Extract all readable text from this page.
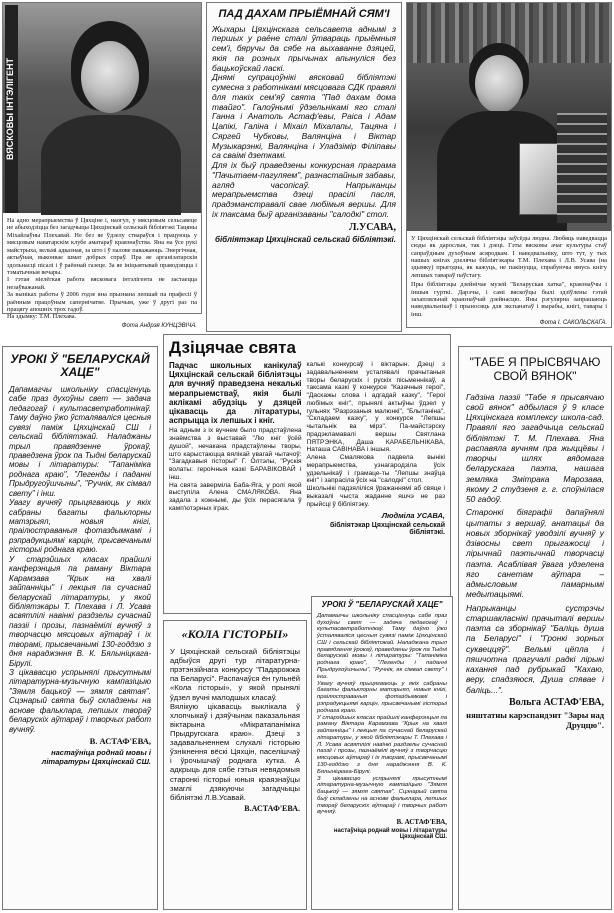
ВЯСКОВЫ ІНТЭЛІГЕНТ

На адно мерапрыемства ў Цяхціне і, наогул, у мясцовым сельсавеце не абыходзіцца без загадчыцы Цяхцінскай сельскай бібліятэкі Тацяны Міхайлаўны Плехавай. Не без яе ўдзелу ствараўся і працуюць у мясцовым наватарскім клубе аматараў краязнаўства. Яна на ўсе рукі майстрыха, вельмі адказная, за што і ў палове паважаюць. Энергічная, актыўная, выконвае шмат добрых спраў. Пра яе арганізатарскія здольнасці пісалі і ў раённай газеце. За яе ініцыятывай праводзяцца і тэматычныя вечары.

І гэтая ніелёгкая работа вясковага інтэлігента не застаецца незаўважанай.

За выніках работы ў 2006 годзе яна прызнана лепшай па прафесіі ў раённым працоўным сапернічатве. Прычым, уже ў другі раз па працягу апошніх трох гадоў.

На здымку: Т.М. Плехава.

Фота Андрэя КУНЦЭВІЧА.

ПАД ДАХАМ ПРЫЁМНАЙ СЯМ'І

Жыхары Цяхцінскага сельсавета аднымі з першых у раёне сталі ўтвараць прыёмныя сем'і, бяручы да сябе на выхаванне дзяцей, якія па розных прычынах апынуліся без бацькоўскай ласкі.

Днямі супрацоўнікі вясковай бібліятэкі сумесна з работнікамі мясцовага СДК правялі для такіх сем'яў свята "Пад дахам дома твайго". Галоўнымі ўдзельнікамі яго сталі Ганна і Анатоль Астаф'евы, Раіса і Адам Цапікі, Галіна і Міхаіл Міхалапы, Тацяна і Сяргей Чубковы, Валянціна і Віктар Музыкарэнкі, Валянціна і Уладзімір Філіпавы са сваімі дзеткамі.

Для іх быў праведзены конкурсная праграма "Пачытаем-пагуляем", разнастайныя забавы, агляд часопісаў. Напрыканцы мерапрыемства дзеці прасілі пасля, прадэманстравалі свае любімыя вершы. Для іх таксама быў арганізаваны "салодкі" стол.

Л.УСАВА,

бібліятэкар Цяхцінскай сельскай бібліятэкі. У Цяхцінскай сельскай бібліятэцы заўсёды людна. Любяць наведвацца сюды як дарослыя, так і дзеці. Гэты вясковы ачаг культуры стаў сапраўдным духоўным асяродкам. І наведвальніку, што тут, у тых нашых кнігах дзелячы бібліятэкары Т.М. Плехава і Л.В. Усава (на здымку) прыгодна, як кажуць, не пакінуцца, спрабуючы ямусь кнігу лепшых тавараў паўстагу.

Пры бібліятэцы дзейнічае музей "Беларуская хатка", краязнаўчы і іншыя гурткі. Дарэчы, і самі вяскоўцы былі здзіўлены гэтай захапляльнай краязнаўчай дзейнасцю. Яны рэгулярна запрашаюць наведвальнікаў і прыносяць для экспанатаў і вырабы, кнігі, тавары і інш.

Фота І. САКОЛЬСКАГА.

УРОКІ Ў "БЕЛАРУСКАЙ ХАЦЕ"

Дапамагчы школьніку спасцігнуць сабе праз духоўны свет — задача педагогаў і культасветработнікаў. Таму даўно ўжо ўсталяваліся цесныя сувязі паміж Цяхцінскай СШ і сельскай бібліятэкай. Наладжаны трыл правядзенне ўрокаў, праведзена ўрок па Тыдні беларускай мовы і літаратуры: "Тапаніміка роднага краю", "Легенды і паданні Прыдругоўшчыны", "Ручнік, як сімвал свету" і інш.

Увагу вучняў прыцягваюць у якіх сабраны багаты фальклорны матэрыял, новыя кнігі, праілюстраваныя фотаздымкамі і рэпрадукцыямі карцін, прысвечанымі гісторыі роднага краю.

У старэйшых класах прайшлі канферэнцыя па раману Віктара Карамзава "Крык на хвалі зайпанніцы" і лекцыя па сучаснай беларускай літаратуры, у якой бібліятэкары Т. Плехава і Л. Усава асвятлілі навінкі раздзелы сучаснай паэзіі і прозы, пазнаёмілі вучняў з творчасцю мясцовых аўтараў і іх творамі, прысвечанымі 130-годдзю з дня нараджэння В. К. Бялыніцкага-Бірулі.

З цікавасцю успрынялі прысутнымі літаратурна-музычную кампазіцыю "Зямля бацькоў — зямля святая". Сцэнарый свята быў складзены на аснове фальклара, лепшых твораў беларускіх аўтараў і творчых работ вучняў.

В. АСТАФ'ЕВА,

настаўніца роднай мовы і літаратуры Цяхцінскай СШ.

Дзіцячае свята

Падчас школьных канікулаў Цяхцінскай сельскай бібліятэцы для вучняў праведзена некалькі мерапрыемстваў, якія былі аклікамі абудзіць у дзяцей цікавасць да літаратуры, аспрыцца іх лепшых і кніг.

На адным з іх вучнем было прадстаўлена знаёмства з выставай "Лю кніг ўсёй душой", нечакана прадстаўлены творы, што карыстаюцца вялікай увагай чытачоў: "Загадкавыя гісторыі" Г. Олтэлы, "Рускія волаты: героічныя казкі БАРАВІКОВАЙ і інш.

На свята заверміла Баба-Яга, у ролі якой выступіла Алена СМАЛЯКОВА. Яна задала з кожнымі, ды ўсіх перасягала ў камп'ютэрных іграх.

калькі конкурсаў і віктарын. Дзеці з задавальненнем усталявалі прачытаныя творы беларускіх і рускіх пісьменнікаў, а таксама казкі ў конкурсе "Казачныя героі", "Даскажы слова і адгадай казку", "Героі любімых кніг", прынялі актыўны ўдзел у гульнях "Разрэзаныя малюнкі", "Блытаніна", "Складаем казку", у конкурсе "Лепшы чытальнік ва мірэ". Па-майстэрску прадэкламавалі вершы Святлана ПЯТРЭНКА, Даша КАРАБЕЛЬНІКАВА, Наташа САВІНАВА і іншыя.

Алена Смалякова падвела вынікі мерапрыемства, узнагародзіла ўсіх удзельнікаў і грамаце-ты "Лепшы знаўца кніг" і запрасіла ўсіх на "салодкі" стол.

Школьнікі падзяліліся ўражаннямі аб свяце і выказалі чыста жаданне яшчэ не раз прыйсці ў бібліятэку.

Людміла УСАВА,

бібліятэкар Цяхцінскай сельскай бібліятэкі.

«КОЛА ГІСТОРЫІ»

У Цяхцінскай сельскай бібліятэцы адбыўся другі тур літаратурна-прэтэнзійнага конкурсу "Падарожжа па Беларусі". Распачаўся ён гульнёй «Кола гісторыі», у якой прынялі ўдзел вучні малодшых класаў.

Вялікую цікавасць выклікала ў хлопчыкаў і дзяўчынак паказальная віктарына «Мікратапаніміка Прыдругскага краю». Дзеці з задавальненнем слухалі гісторыю ўзнікнення вёскі Цяхцін, паселішчаў і ўрочышчаў роднага кутка. А адкрыць для сябе гэтыя невядомыя старонкі гісторыі юныя краязнаўцы змаглі дзякуючы загадчыцы бібліятэкі Л.В.Усавай.

В.АСТАФ'ЕВА.

УРОКІ Ў "БЕЛАРУСКАЙ ХАЦЕ"

Дапамагчы школьніку спасцігнуць сабе праз духоўны свет — задача педагогаў і культасветработнікаў. Таму даўно ўжо ўсталяваліся цесныя сувязі паміж Цяхцінскай СШ і сельскай бібліятэкай. Наладжана трыл правядзення ўрокаў, праведзены ўрок па Тыдні беларускай мовы і літаратуры: "Тапаніміка роднага краю", "Легенды і паданні Прыдругоўшчыны", "Ручнік, як сімвал свету" і інш.

Увагу вучняў прыцягваюць у якіх сабраны багаты фальклорны матэрыял, новыя кнігі, праілюстраваныя фотаздымкамі і рэпрадукцыямі карцін, прысвечанымі гісторыі роднага краю.

У старэйшых класах прайшлі канферэнцыя па раману Віктара Карамзава "Крык на хвалі зайпанніцы" і лекцыя па сучаснай беларускай літаратуры, у якой бібліятэкары Т. Плехава і Л. Усава асвятлілі навінкі раздзелы сучаснай паэзіі і прозы, пазнаёмілі вучняў з творчасцю мясцовых аўтараў і іх творамі, прысвечанымі 130-годдзю з дня нараджэння В. К. Бялыніцкага-Бірулі.

З цікавасцю успрынялі прысутнымі літаратурна-музычную кампазіцыю "Зямля бацькоў — зямля святая". Сцэнарый свята быў складзены на аснове фальклара, лепшых твораў беларускіх аўтараў і творчых работ вучняў.

В. АСТАФ'ЕВА,

настаўніца роднай мовы і літаратуры Цяхцінскай СШ.

"ТАБЕ Я ПРЫСВЯЧАЮ СВОЙ ВЯНОК"

Гадзіна паэзіі "Табе я прысвячаю свой вянок" адбылася ў 9 класе Цяхцінскага комплексу школа-сад. Правялі яго загадчыца сельскай бібліятэкі Т. М. Плехава. Яна распавяла вучням пра жыццёвы і творчы шлях вядомага беларускага паэта, нашага земляка Змітрака Марозава, якому 2 студзеня г. г. споўнілася 50 гадоў.

Старонкі біяграфіі дапаўнялі цытаты з вершаў, анатацыі да новых зборнікаў уводзілі вучняў у дзівосны свет прыгажосці і лірычнай паэтычнай творчасці паэта. Асаблівая ўвага удзелена яго санетам аўтара – адмысловым памарнымі медытацыямі.

Напрыканцы сустрэчы старшакласнікі прачыталі вершы паэта са зборнікаў "Баліць душа па Беларусі" і "Гронкі зорных суквеццяў". Вельмі цёпла і пяшчотна прагучалі радкі лірыкі кахання пад рубрыкай "Кахаю, веру, спадзяюся, Душа спявае і баліць...".

Вольга АСТАФ'ЕВА,

няштатны карэспандэнт "Зары над Друццю".
